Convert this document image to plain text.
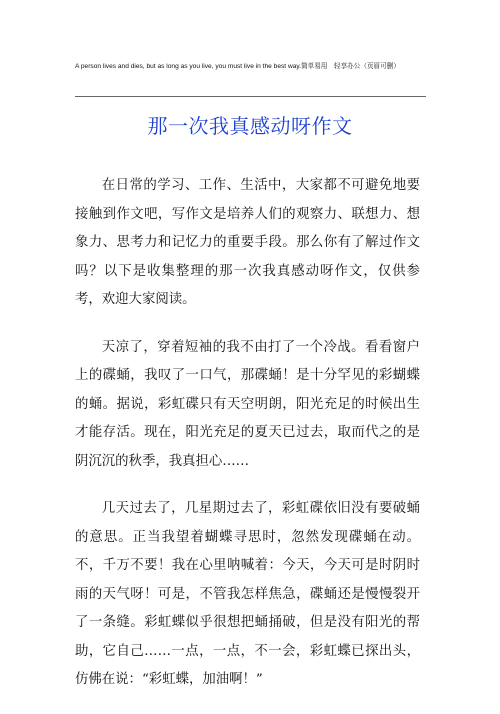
A person lives and dies, but as long as you live, you must live in the best way.简单易用　轻享办公（页眉可删）
那一次我真感动呀作文

在日常的学习、工作、生活中，大家都不可避免地要接触到作文吧，写作文是培养人们的观察力、联想力、想象力、思考力和记忆力的重要手段。那么你有了解过作文吗？以下是收集整理的那一次我真感动呀作文，仅供参考，欢迎大家阅读。

天凉了，穿着短袖的我不由打了一个冷战。看看窗户上的碟蛹，我叹了一口气，那碟蛹！是十分罕见的彩蝴蝶的蛹。据说，彩虹碟只有天空明朗，阳光充足的时候出生才能存活。现在，阳光充足的夏天已过去，取而代之的是阴沉沉的秋季，我真担心……

几天过去了，几星期过去了，彩虹碟依旧没有要破蛹的意思。正当我望着蝴蝶寻思时，忽然发现碟蛹在动。不，千万不要！我在心里呐喊着：今天，今天可是时阴时雨的天气呀！可是，不管我怎样焦急，碟蛹还是慢慢裂开了一条缝。彩虹蝶似乎很想把蛹捅破，但是没有阳光的帮助，它自己……一点，一点，不一会，彩虹蝶已探出头，仿佛在说：“彩虹蝶，加油啊！”
